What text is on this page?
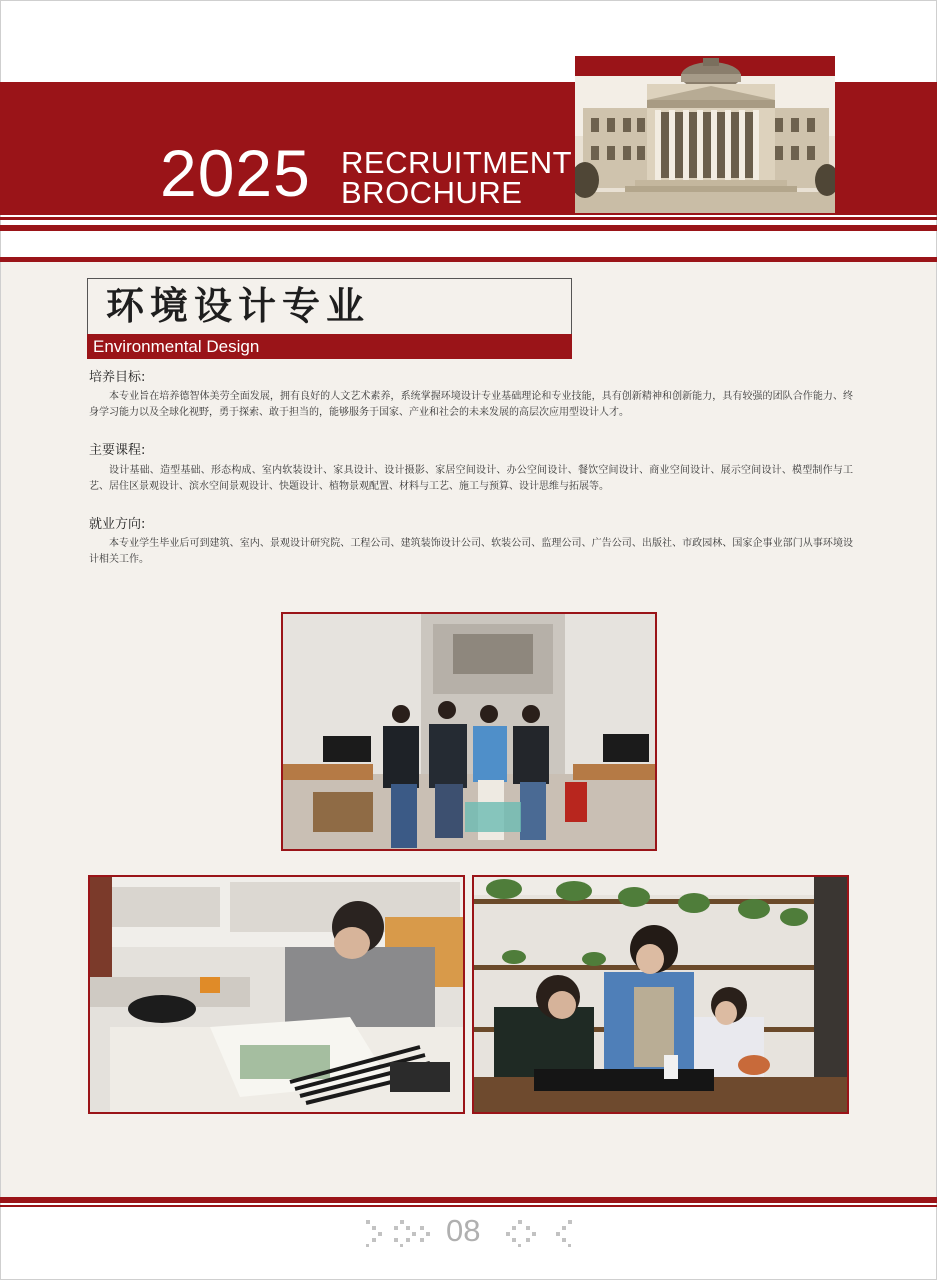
2025 RECRUITMENT
BROCHURE
环境设计专业
Environmental Design
培养目标:
本专业旨在培养德智体美劳全面发展，拥有良好的人文艺术素养，系统掌握环境设计专业基础理论和专业技能，具有创新精神和创新能力，具有较强的团队合作能力、终身学习能力以及全球化视野，勇于探索、敢于担当的，能够服务于国家、产业和社会的未来发展的高层次应用型设计人才。
主要课程:
设计基础、造型基础、形态构成、室内软装设计、家具设计、设计摄影、家居空间设计、办公空间设计、餐饮空间设计、商业空间设计、展示空间设计、模型制作与工艺、居住区景观设计、滨水空间景观设计、快题设计、植物景观配置、材料与工艺、施工与预算、设计思维与拓展等。
就业方向:
本专业学生毕业后可到建筑、室内、景观设计研究院、工程公司、建筑装饰设计公司、软装公司、监理公司、广告公司、出版社、市政园林、国家企事业部门从事环境设计相关工作。
08
